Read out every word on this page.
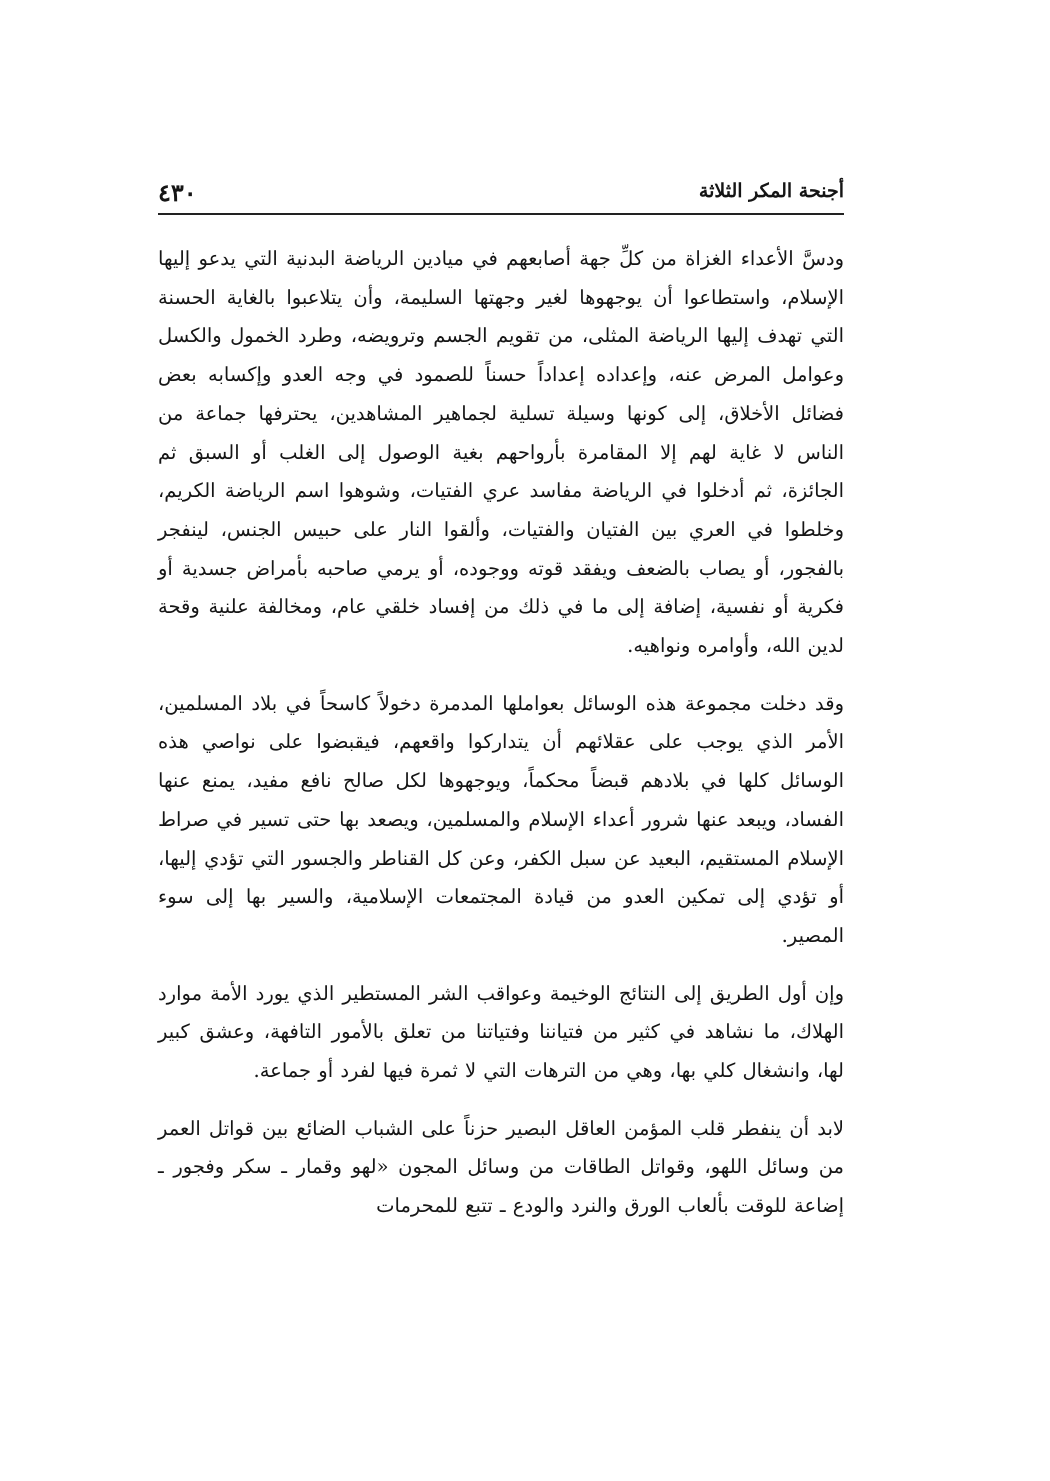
أجنحة المكر الثلاثة
٤٣٠

ودسَّ الأعداء الغزاة من كلِّ جهة أصابعهم في ميادين الرياضة البدنية التي يدعو إليها الإسلام، واستطاعوا أن يوجهوها لغير وجهتها السليمة، وأن يتلاعبوا بالغاية الحسنة التي تهدف إليها الرياضة المثلى، من تقويم الجسم وترويضه، وطرد الخمول والكسل وعوامل المرض عنه، وإعداده إعداداً حسناً للصمود في وجه العدو وإكسابه بعض فضائل الأخلاق، إلى كونها وسيلة تسلية لجماهير المشاهدين، يحترفها جماعة من الناس لا غاية لهم إلا المقامرة بأرواحهم بغية الوصول إلى الغلب أو السبق ثم الجائزة، ثم أدخلوا في الرياضة مفاسد عري الفتيات، وشوهوا اسم الرياضة الكريم، وخلطوا في العري بين الفتيان والفتيات، وألقوا النار على حبيس الجنس، لينفجر بالفجور، أو يصاب بالضعف ويفقد قوته ووجوده، أو يرمي صاحبه بأمراض جسدية أو فكرية أو نفسية، إضافة إلى ما في ذلك من إفساد خلقي عام، ومخالفة علنية وقحة لدين الله، وأوامره ونواهيه.

وقد دخلت مجموعة هذه الوسائل بعواملها المدمرة دخولاً كاسحاً في بلاد المسلمين، الأمر الذي يوجب على عقلائهم أن يتداركوا واقعهم، فيقبضوا على نواصي هذه الوسائل كلها في بلادهم قبضاً محكماً، ويوجهوها لكل صالح نافع مفيد، يمنع عنها الفساد، ويبعد عنها شرور أعداء الإسلام والمسلمين، ويصعد بها حتى تسير في صراط الإسلام المستقيم، البعيد عن سبل الكفر، وعن كل القناطر والجسور التي تؤدي إليها، أو تؤدي إلى تمكين العدو من قيادة المجتمعات الإسلامية، والسير بها إلى سوء المصير.

وإن أول الطريق إلى النتائج الوخيمة وعواقب الشر المستطير الذي يورد الأمة موارد الهلاك، ما نشاهد في كثير من فتياننا وفتياتنا من تعلق بالأمور التافهة، وعشق كبير لها، وانشغال كلي بها، وهي من الترهات التي لا ثمرة فيها لفرد أو جماعة.

لابد أن ينفطر قلب المؤمن العاقل البصير حزناً على الشباب الضائع بين قواتل العمر من وسائل اللهو، وقواتل الطاقات من وسائل المجون «لهو وقمار ـ سكر وفجور ـ إضاعة للوقت بألعاب الورق والنرد والودع ـ تتبع للمحرمات
